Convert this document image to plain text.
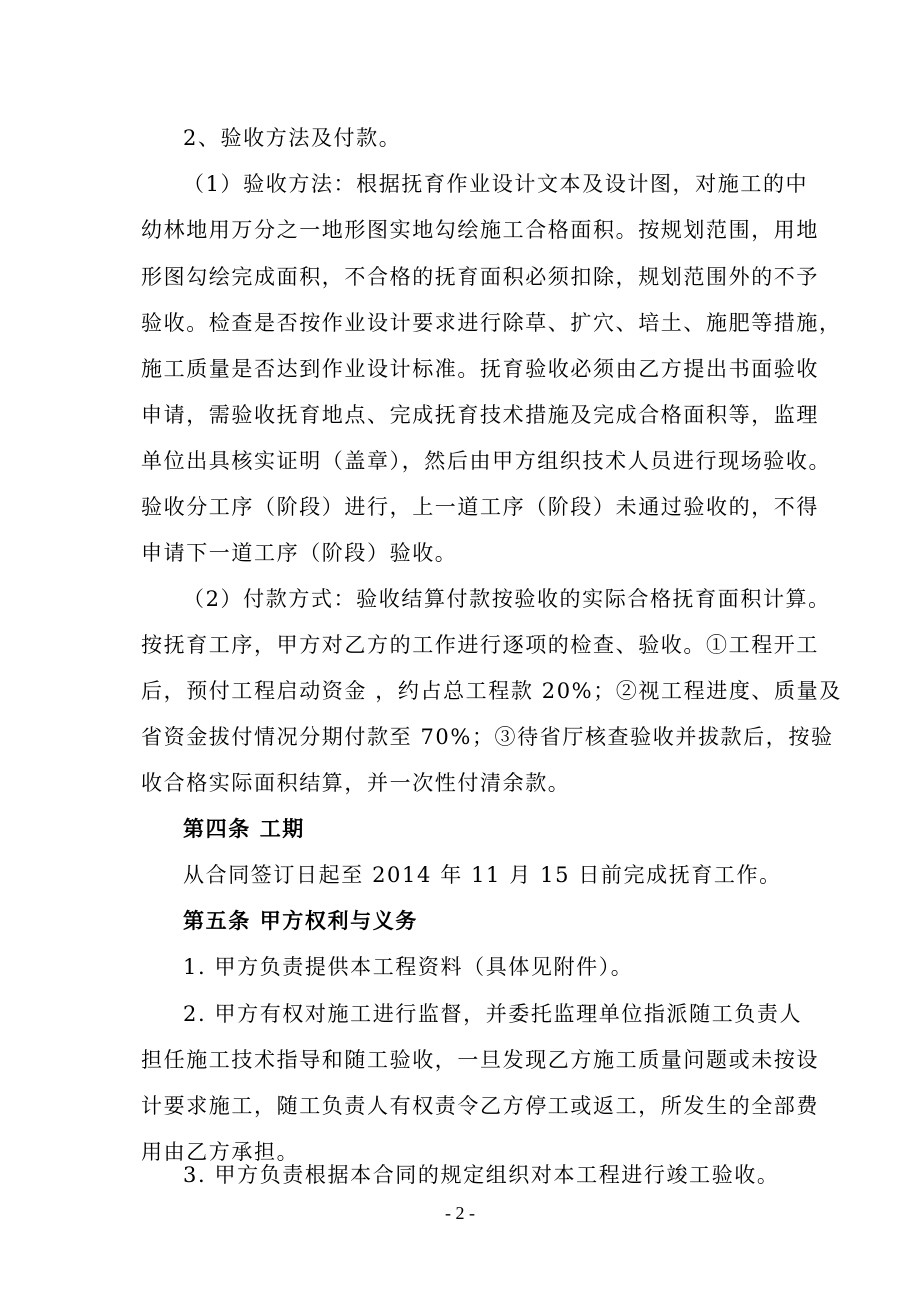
2、验收方法及付款。
（1）验收方法：根据抚育作业设计文本及设计图，对施工的中
幼林地用万分之一地形图实地勾绘施工合格面积。按规划范围，用地
形图勾绘完成面积，不合格的抚育面积必须扣除，规划范围外的不予
验收。检查是否按作业设计要求进行除草、扩穴、培土、施肥等措施，
施工质量是否达到作业设计标准。抚育验收必须由乙方提出书面验收
申请，需验收抚育地点、完成抚育技术措施及完成合格面积等，监理
单位出具核实证明（盖章），然后由甲方组织技术人员进行现场验收。
验收分工序（阶段）进行，上一道工序（阶段）未通过验收的，不得
申请下一道工序（阶段）验收。
（2）付款方式：验收结算付款按验收的实际合格抚育面积计算。
按抚育工序，甲方对乙方的工作进行逐项的检查、验收。①工程开工
后，预付工程启动资金 ，约占总工程款 20%；②视工程进度、质量及
省资金拔付情况分期付款至 70%；③待省厅核查验收并拔款后，按验
收合格实际面积结算，并一次性付清余款。
第四条 工期
从合同签订日起至 2014 年 11 月 15 日前完成抚育工作。
第五条 甲方权利与义务
1. 甲方负责提供本工程资料（具体见附件）。
2. 甲方有权对施工进行监督，并委托监理单位指派随工负责人
担任施工技术指导和随工验收，一旦发现乙方施工质量问题或未按设
计要求施工，随工负责人有权责令乙方停工或返工，所发生的全部费
用由乙方承担。
3. 甲方负责根据本合同的规定组织对本工程进行竣工验收。
- 2 -
